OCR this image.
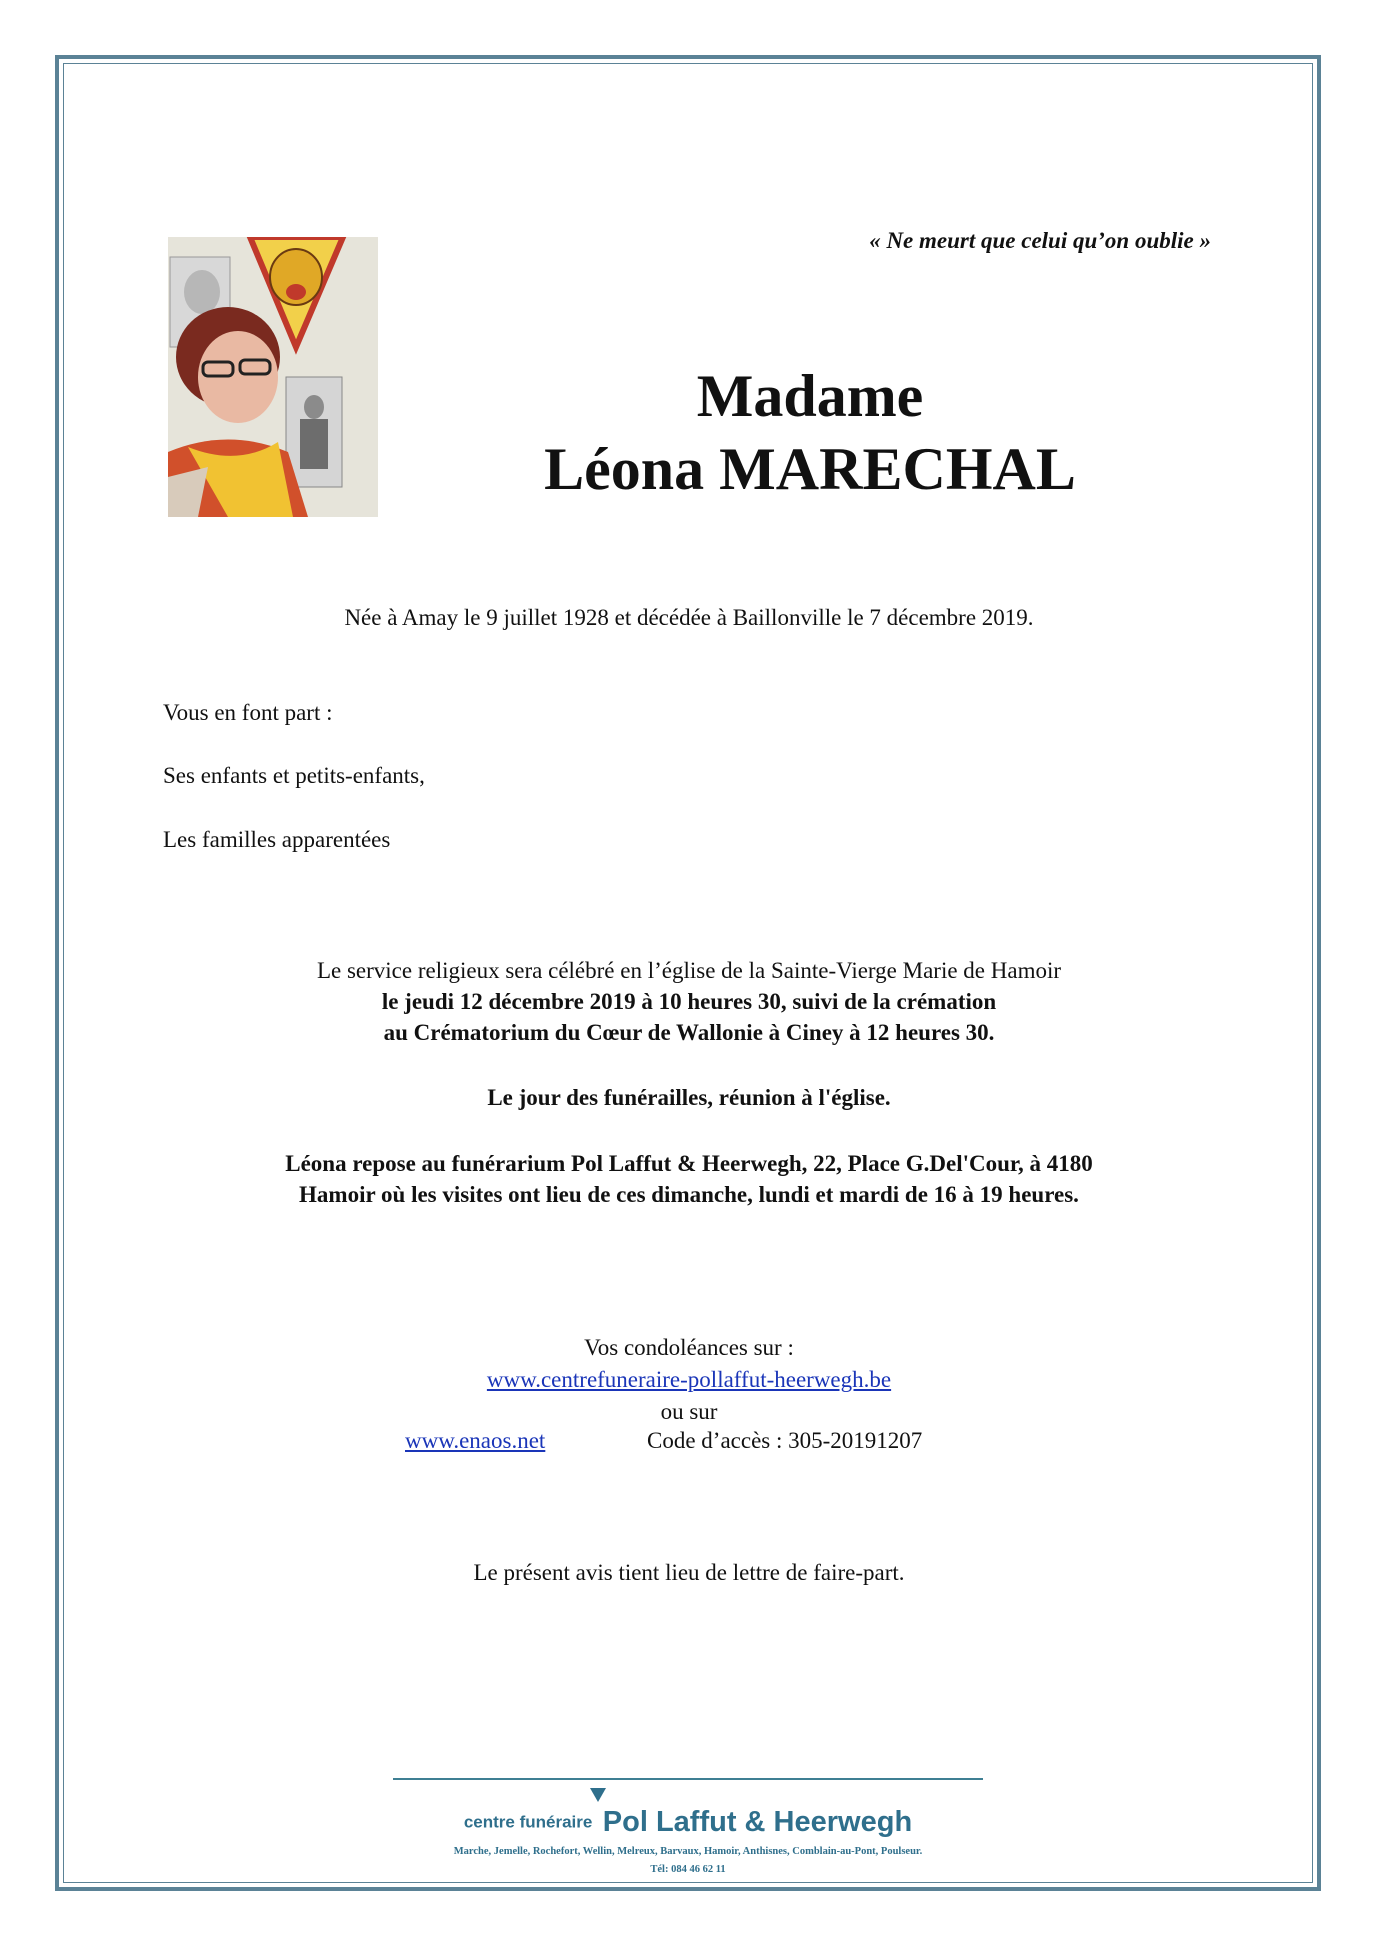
« Ne meurt que celui qu’on oublie »
Madame
Léona MARECHAL
Née à Amay le 9 juillet 1928 et décédée à Baillonville le 7 décembre 2019.
Vous en font part :
Ses enfants et petits-enfants,
Les familles apparentées
Le service religieux sera célébré en l’église de la Sainte-Vierge Marie de Hamoir
le jeudi 12 décembre 2019 à 10 heures 30, suivi de la crémation
au Crématorium du Cœur de Wallonie à Ciney à 12 heures 30.
Le jour des funérailles, réunion à l'église.
Léona repose au funérarium Pol Laffut & Heerwegh, 22, Place G.Del'Cour, à 4180
Hamoir où les visites ont lieu de ces dimanche, lundi et mardi de 16 à 19 heures.
Vos condoléances sur :
www.centrefuneraire-pollaffut-heerwegh.be
ou sur
www.enaos.net	Code d’accès : 305-20191207
Le présent avis tient lieu de lettre de faire-part.
centre funéraire Pol Laffut & Heerwegh
Marche, Jemelle, Rochefort, Wellin, Melreux, Barvaux, Hamoir, Anthisnes, Comblain-au-Pont, Poulseur.
Tél: 084 46 62 11
